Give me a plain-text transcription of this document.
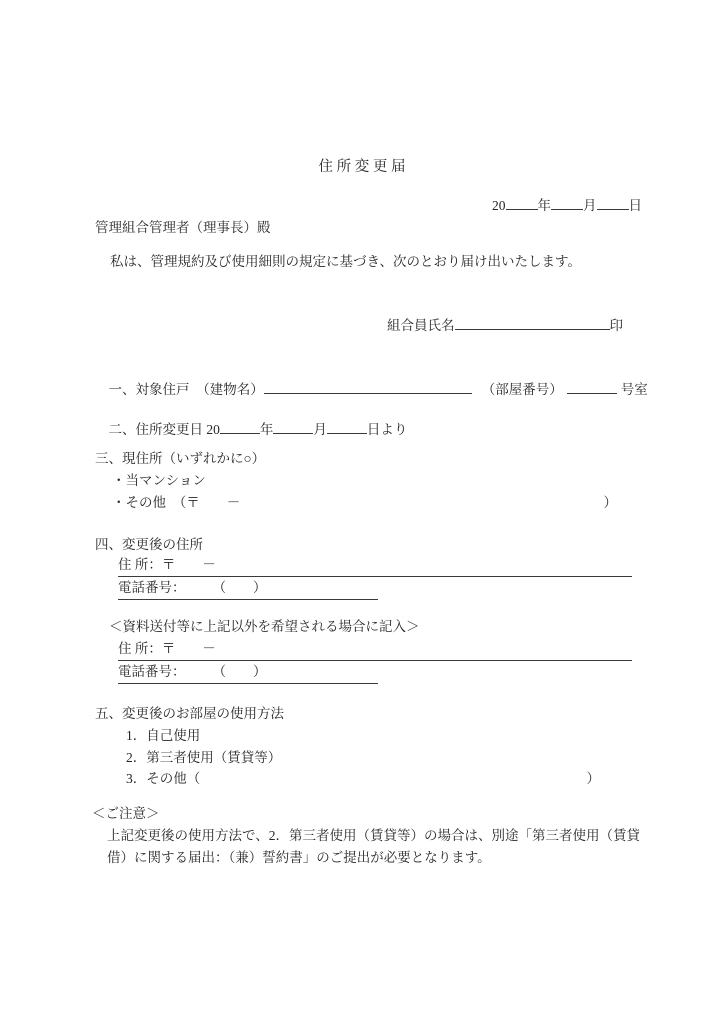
住 所 変 更 届

20 年 月 日

管理組合管理者（理事長）殿
私は、管理規約及び使用細則の規定に基づき、次のとおり届け出いたします。

組合員氏名	印

一、対象住戸　（建物名）	（部屋番号）	号室

二、住所変更日 20	年	月	日より

三、現住所（いずれかに○）
・当マンション
・その他　（〒　　－	）
四、変更後の住所
住 所：〒　　－
電話番号：　　　（　　）
＜資料送付等に上記以外を希望される場合に記入＞
住 所：〒　　－
電話番号：　　　（　　）
五、変更後のお部屋の使用方法
1．自己使用
2．第三者使用（賃貸等）
3．その他（	）
＜ご注意＞
上記変更後の使用方法で、2．第三者使用（賃貸等）の場合は、別途「第三者使用（賃貸
借）に関する届出：（兼）誓約書」のご提出が必要となります。
